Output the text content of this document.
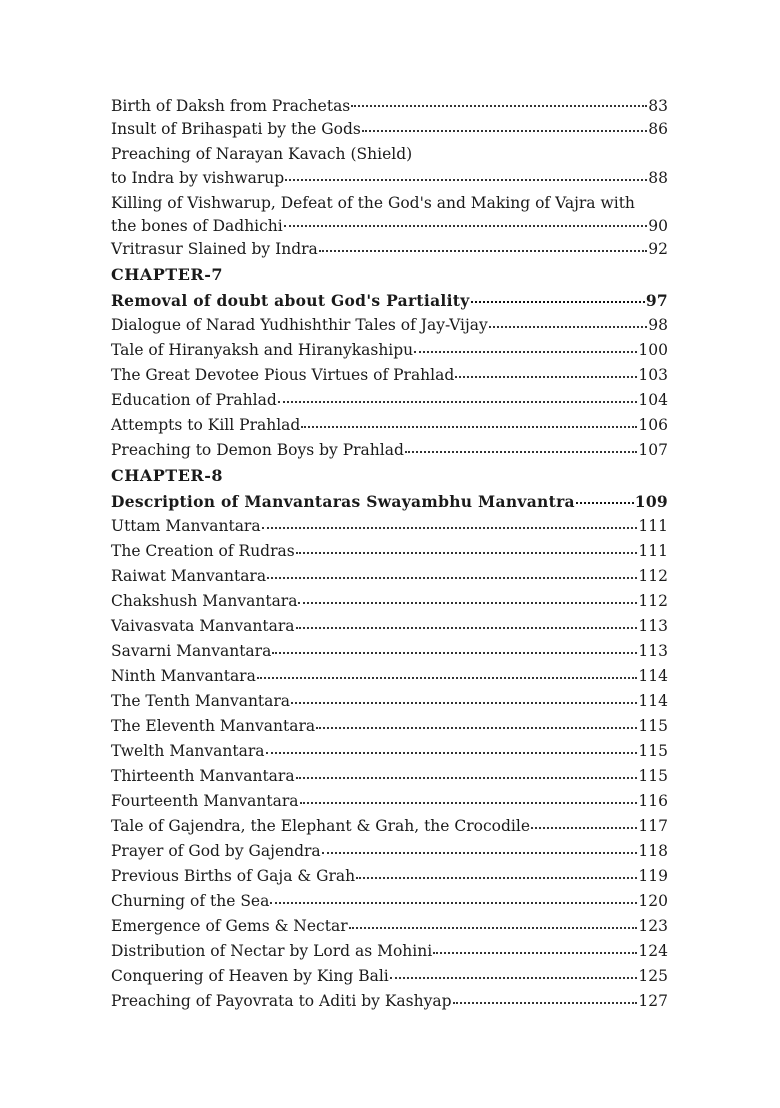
Birth of Daksh from Prachetas	83
Insult of Brihaspati by the Gods	86
Preaching of Narayan Kavach (Shield)
to Indra by vishwarup	88
Killing of Vishwarup, Defeat of the God's and Making of Vajra with
the bones of Dadhichi	90
Vritrasur Slained by Indra	92
CHAPTER-7
Removal of doubt about God's Partiality	97
Dialogue of Narad Yudhishthir Tales of Jay-Vijay	98
Tale of Hiranyaksh and Hiranykashipu	100
The Great Devotee Pious Virtues of Prahlad	103
Education of Prahlad	104
Attempts to Kill Prahlad	106
Preaching to Demon Boys by Prahlad	107
CHAPTER-8
Description of Manvantaras Swayambhu Manvantra	109
Uttam Manvantara	111
The Creation of Rudras	111
Raiwat Manvantara	112
Chakshush Manvantara	112
Vaivasvata Manvantara	113
Savarni Manvantara	113
Ninth Manvantara	114
The Tenth Manvantara	114
The Eleventh Manvantara	115
Twelth Manvantara	115
Thirteenth Manvantara	115
Fourteenth Manvantara	116
Tale of Gajendra, the Elephant & Grah, the Crocodile	117
Prayer of God by Gajendra	118
Previous Births of Gaja & Grah	119
Churning of the Sea	120
Emergence of Gems & Nectar	123
Distribution of Nectar by Lord as Mohini	124
Conquering of Heaven by King Bali	125
Preaching of Payovrata to Aditi by Kashyap	127
